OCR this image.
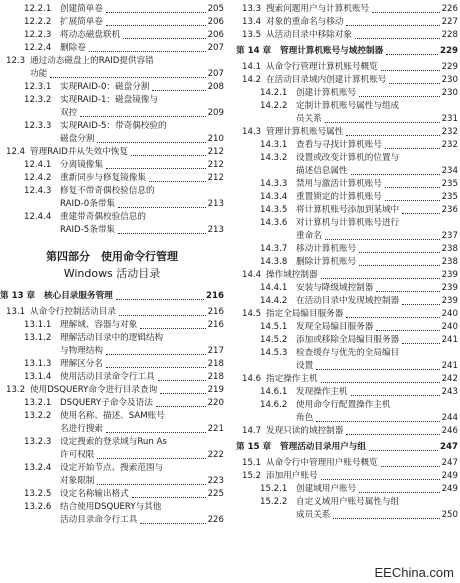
12.2.1 创建简单卷	205
12.2.2 扩展简单卷	206
12.2.3 将动态磁盘联机	206
12.2.4 删除卷	207
12.3 通过动态磁盘上的RAID提供容错
功能	207
12.3.1 实现RAID-0：磁盘分割	208
12.3.2 实现RAID-1：磁盘镜像与
双控	209
12.3.3 实现RAID-5：带奇偶校验的
磁盘分割	210
12.4 管理RAID并从失效中恢复	212
12.4.1 分离镜像集	212
12.4.2 重新同步与修复镜像集	212
12.4.3 修复不带奇偶校验信息的
RAID-0条带集	213
12.4.4 重建带奇偶校验信息的
RAID-5条带集	213
第四部分　使用命令行管理
Windows 活动目录
第 13 章 核心目录服务管理	216
13.1 从命令行控制活动目录	216
13.1.1 理解域、容器与对象	216
13.1.2 理解活动目录中的逻辑结构
与物理结构	217
13.1.3 理解区分名	218
13.1.4 使用活动目录命令行工具	218
13.2 使用DSQUERY命令进行目录查询	219
13.2.1 DSQUERY子命令及语法	220
13.2.2 使用名称、描述、SAM账号
名进行搜索	221
13.2.3 设定搜索的登录域与Run As
许可权限	222
13.2.4 设定开始节点、搜索范围与
对象限制	223
13.2.5 设定名称输出格式	225
13.2.6 结合使用DSQUERY与其他
活动目录命令行工具	226
13.3 搜索问题用户与计算机账号	226
13.4 对象的重命名与移动	227
13.5 从活动目录中移除对象	228
第 14 章 管理计算机账号与域控制器	229
14.1 从命令行管理计算机账号概览	229
14.2 在活动目录域内创建计算机账号	230
14.2.1 创建计算机账号	230
14.2.2 定制计算机账号属性与组成
员关系	231
14.3 管理计算机账号属性	232
14.3.1 查看与寻找计算机账号	232
14.3.2 设置或改变计算机的位置与
描述信息属性	234
14.3.3 禁用与激活计算机账号	235
14.3.4 重置锁定的计算机账号	235
14.3.5 将计算机账号添加到某域中	236
14.3.6 对计算机与计算机账号进行
重命名	237
14.3.7 移动计算机账号	238
14.3.8 删除计算机账号	238
14.4 操作域控制器	239
14.4.1 安装与降级域控制器	239
14.4.2 在活动目录中发现域控制器	239
14.5 指定全局编目服务器	240
14.5.1 发现全局编目服务器	240
14.5.2 添加或移除全局编目服务器	241
14.5.3 检查缓存与优先的全局编目
设置	241
14.6 指定操作主机	242
14.6.1 发现操作主机	243
14.6.2 使用命令行配置操作主机
角色	244
14.7 发现只读的域控制器	246
第 15 章 管理活动目录用户与组	247
15.1 从命令行中管理用户账号概览	247
15.2 添加用户账号	249
15.2.1 创建域用户账号	249
15.2.2 自定义域用户账号属性与组
成员关系	250
EEChina.com
